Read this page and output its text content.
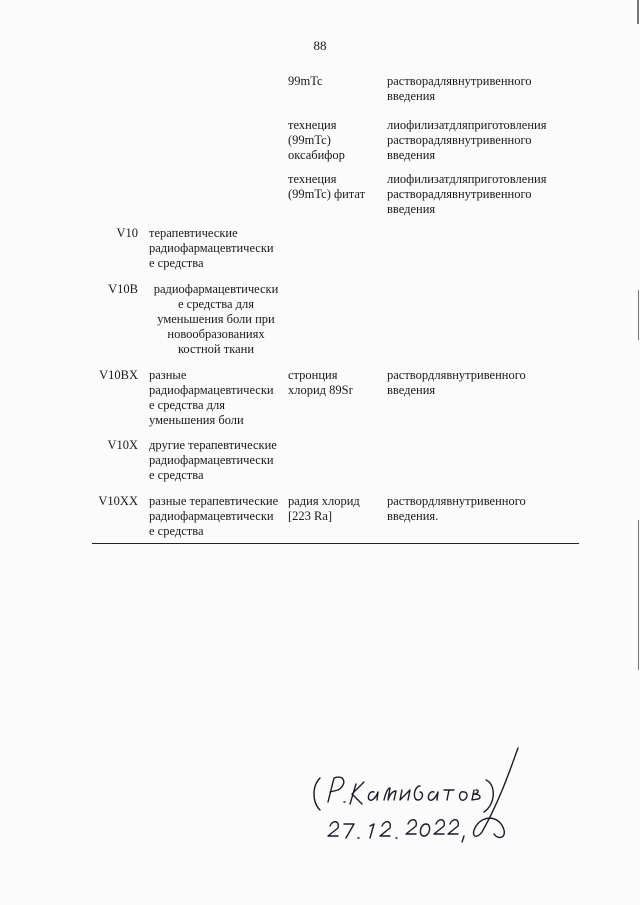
88
99mTc	растворадлявнутривенного
введения
технеция
(99mTc)
оксабифор
лиофилизатдляприготовления
растворадлявнутривенного
введения
технеция
(99mTc) фитат
лиофилизатдляприготовления
растворадлявнутривенного
введения
V10 терапевтические
радиофармацевтически
е средства
V10B	радиофармацевтически
е средства для
уменьшения боли при
новообразованиях
костной ткани
V10BX разные
радиофармацевтически
е средства для
уменьшения боли
стронция
хлорид 89Sr
раствордлявнутривенного
введения
V10X другие терапевтические
радиофармацевтически
е средства
V10XX разные терапевтические
радиофармацевтически
е средства
радия хлорид
[223 Ra]
раствордлявнутривенного
введения.
